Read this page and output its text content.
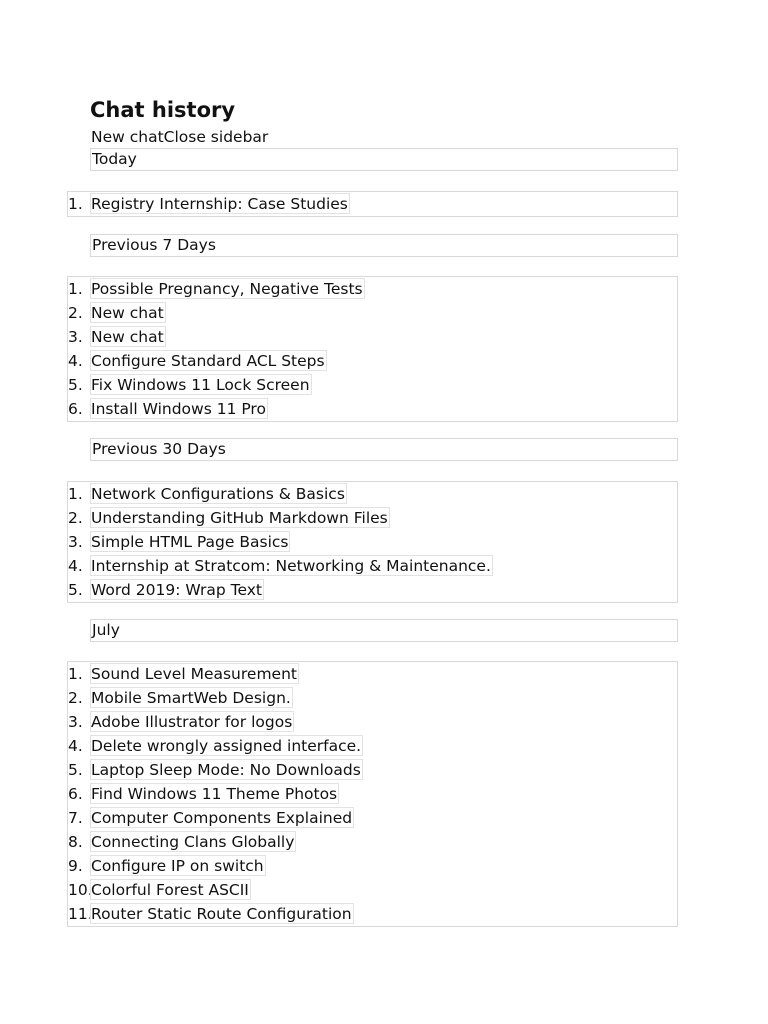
Chat history
New chatClose sidebar
Today
1. Registry Internship: Case Studies
Previous 7 Days
1. Possible Pregnancy, Negative Tests
2. New chat
3. New chat
4. Configure Standard ACL Steps
5. Fix Windows 11 Lock Screen
6. Install Windows 11 Pro
Previous 30 Days
1. Network Configurations & Basics
2. Understanding GitHub Markdown Files
3. Simple HTML Page Basics
4. Internship at Stratcom: Networking & Maintenance.
5. Word 2019: Wrap Text
July
1. Sound Level Measurement
2. Mobile SmartWeb Design.
3. Adobe Illustrator for logos
4. Delete wrongly assigned interface.
5. Laptop Sleep Mode: No Downloads
6. Find Windows 11 Theme Photos
7. Computer Components Explained
8. Connecting Clans Globally
9. Configure IP on switch
10.
Colorful Forest ASCII
11.
Router Static Route Configuration
